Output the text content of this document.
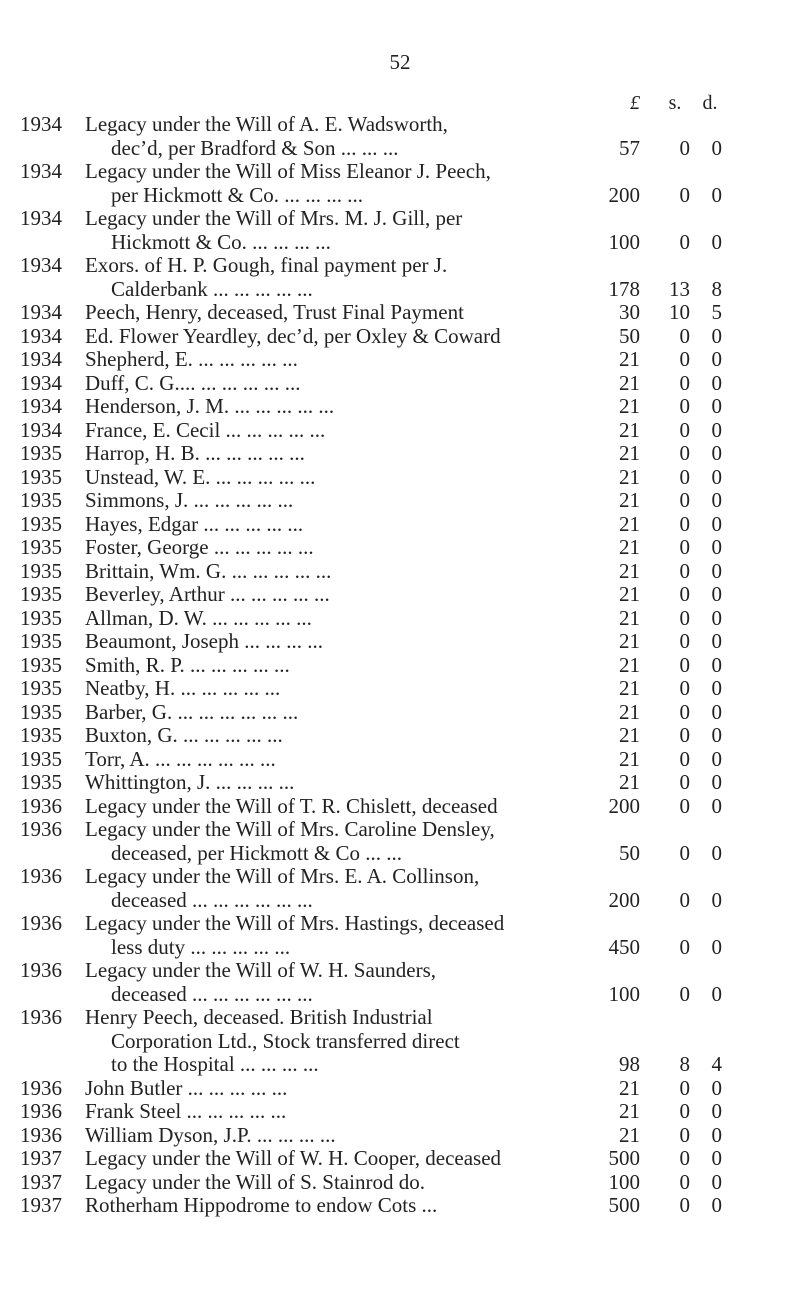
52
£	s.	d.
1934	Legacy under the Will of A. E. Wadsworth,
dec’d, per Bradford & Son ... ... ...	57	0	0
1934	Legacy under the Will of Miss Eleanor J. Peech,
per Hickmott & Co. ... ... ... ...	200	0	0
1934	Legacy under the Will of Mrs. M. J. Gill, per
Hickmott & Co. ... ... ... ...	100	0	0
1934	Exors. of H. P. Gough, final payment per J.
Calderbank ... ... ... ... ...	178	13	8
1934	Peech, Henry, deceased, Trust Final Payment	30	10	5
1934	Ed. Flower Yeardley, dec’d, per Oxley & Coward	50	0	0
1934	Shepherd, E. ... ... ... ... ...	21	0	0
1934	Duff, C. G.... ... ... ... ... ...	21	0	0
1934	Henderson, J. M. ... ... ... ... ...	21	0	0
1934	France, E. Cecil ... ... ... ... ...	21	0	0
1935	Harrop, H. B. ... ... ... ... ...	21	0	0
1935	Unstead, W. E. ... ... ... ... ...	21	0	0
1935	Simmons, J. ... ... ... ... ...	21	0	0
1935	Hayes, Edgar ... ... ... ... ...	21	0	0
1935	Foster, George ... ... ... ... ...	21	0	0
1935	Brittain, Wm. G. ... ... ... ... ...	21	0	0
1935	Beverley, Arthur ... ... ... ... ...	21	0	0
1935	Allman, D. W. ... ... ... ... ...	21	0	0
1935	Beaumont, Joseph ... ... ... ...	21	0	0
1935	Smith, R. P. ... ... ... ... ...	21	0	0
1935	Neatby, H. ... ... ... ... ...	21	0	0
1935	Barber, G. ... ... ... ... ... ...	21	0	0
1935	Buxton, G. ... ... ... ... ...	21	0	0
1935	Torr, A. ... ... ... ... ... ...	21	0	0
1935	Whittington, J. ... ... ... ...	21	0	0
1936	Legacy under the Will of T. R. Chislett, deceased	200	0	0
1936	Legacy under the Will of Mrs. Caroline Densley,
deceased, per Hickmott & Co ... ...	50	0	0
1936	Legacy under the Will of Mrs. E. A. Collinson,
deceased ... ... ... ... ... ...	200	0	0
1936	Legacy under the Will of Mrs. Hastings, deceased
less duty ... ... ... ... ...	450	0	0
1936	Legacy under the Will of W. H. Saunders,
deceased ... ... ... ... ... ...	100	0	0
1936	Henry Peech, deceased. British Industrial
Corporation Ltd., Stock transferred direct
to the Hospital ... ... ... ...	98	8	4
1936	John Butler ... ... ... ... ...	21	0	0
1936	Frank Steel ... ... ... ... ...	21	0	0
1936	William Dyson, J.P. ... ... ... ...	21	0	0
1937	Legacy under the Will of W. H. Cooper, deceased	500	0	0
1937	Legacy under the Will of S. Stainrod do.	100	0	0
1937	Rotherham Hippodrome to endow Cots ...	500	0	0
